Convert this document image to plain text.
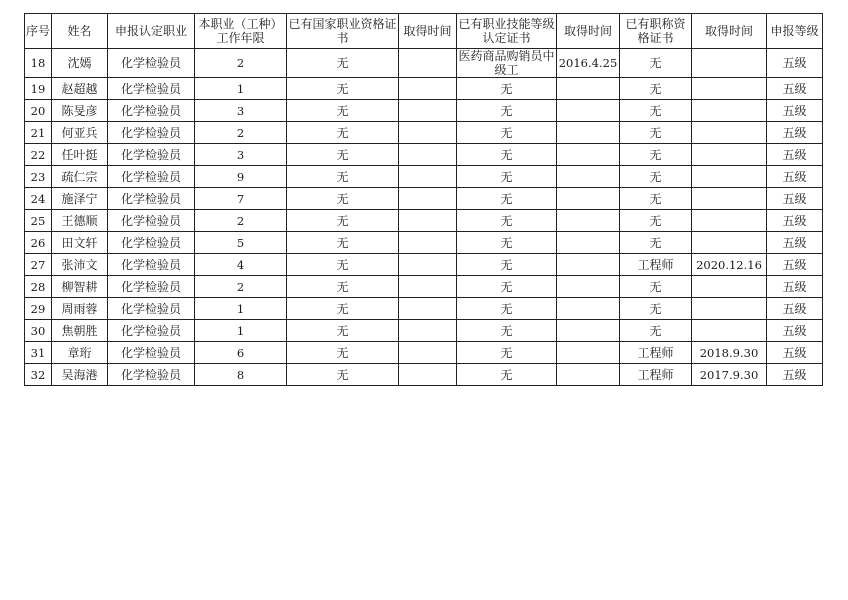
序号	姓名	申报认定职业	本职业（工种）工作年限	已有国家职业资格证书	取得时间	已有职业技能等级认定证书	取得时间	已有职称资格证书	取得时间	申报等级
18	沈嫣	化学检验员	2	无		医药商品购销员中级工	2016.4.25	无		五级
19	赵超越	化学检验员	1	无		无		无		五级
20	陈旻彦	化学检验员	3	无		无		无		五级
21	何亚兵	化学检验员	2	无		无		无		五级
22	任叶挺	化学检验员	3	无		无		无		五级
23	疏仁宗	化学检验员	9	无		无		无		五级
24	施泽宁	化学检验员	7	无		无		无		五级
25	王德顺	化学检验员	2	无		无		无		五级
26	田文轩	化学检验员	5	无		无		无		五级
27	张沛文	化学检验员	4	无		无		工程师	2020.12.16	五级
28	柳智耕	化学检验员	2	无		无		无		五级
29	周雨蓉	化学检验员	1	无		无		无		五级
30	焦朝胜	化学检验员	1	无		无		无		五级
31	章珩	化学检验员	6	无		无		工程师	2018.9.30	五级
32	吴海港	化学检验员	8	无		无		工程师	2017.9.30	五级
